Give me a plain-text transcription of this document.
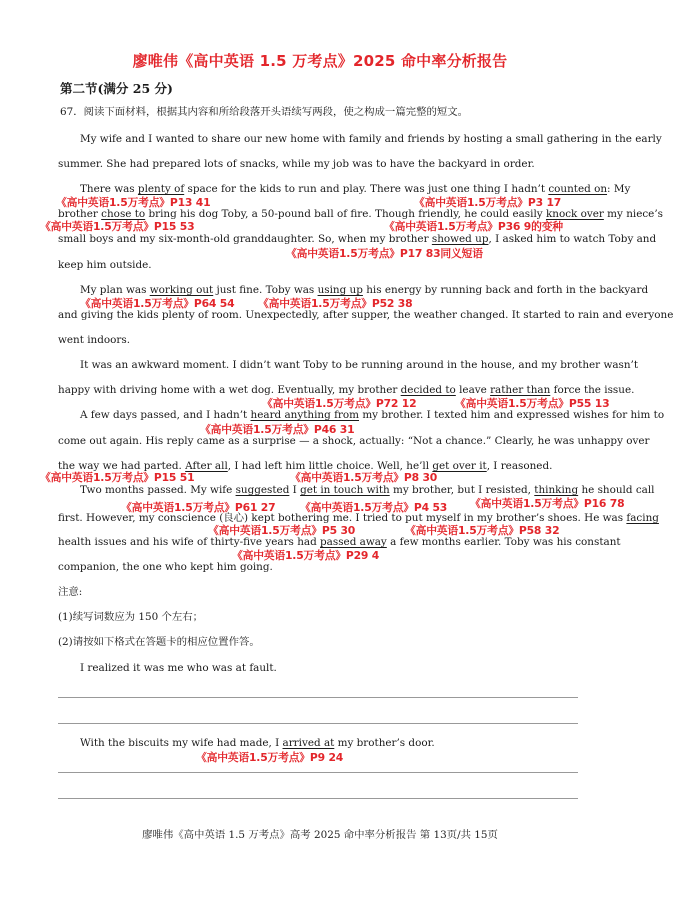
廖唯伟《高中英语 1.5 万考点》2025 命中率分析报告
第二节(满分 25 分)
67．阅读下面材料，根据其内容和所给段落开头语续写两段，使之构成一篇完整的短文。
My wife and I wanted to share our new home with family and friends by hosting a small gathering in the early
summer. She had prepared lots of snacks, while my job was to have the backyard in order.
There was plenty of space for the kids to run and play. There was just one thing I hadn’t counted on: My
《高中英语1.5万考点》P13 41	《高中英语1.5万考点》P3 17
brother chose to bring his dog Toby, a 50-pound ball of fire. Though friendly, he could easily knock over my niece’s
《高中英语1.5万考点》P15 53	《高中英语1.5万考点》P36 9的变种
small boys and my six-month-old granddaughter. So, when my brother showed up, I asked him to watch Toby and
《高中英语1.5万考点》P17 83同义短语
keep him outside.
My plan was working out just fine. Toby was using up his energy by running back and forth in the backyard
《高中英语1.5万考点》P64 54 《高中英语1.5万考点》P52 38
and giving the kids plenty of room. Unexpectedly, after supper, the weather changed. It started to rain and everyone
went indoors.
It was an awkward moment. I didn’t want Toby to be running around in the house, and my brother wasn’t
happy with driving home with a wet dog. Eventually, my brother decided to leave rather than force the issue.
《高中英语1.5万考点》P72 12	《高中英语1.5万考点》P55 13
A few days passed, and I hadn’t heard anything from my brother. I texted him and expressed wishes for him to
《高中英语1.5万考点》P46 31
come out again. His reply came as a surprise — a shock, actually: “Not a chance.” Clearly, he was unhappy over
the way we had parted. After all, I had left him little choice. Well, he’ll get over it, I reasoned.
《高中英语1.5万考点》P15 51	《高中英语1.5万考点》P8 30
Two months passed. My wife suggested I get in touch with my brother, but I resisted, thinking he should call
《高中英语1.5万考点》P16 78
《高中英语1.5万考点》P61 27 《高中英语1.5万考点》P4 53
first. However, my conscience (良心) kept bothering me. I tried to put myself in my brother’s shoes. He was facing
《高中英语1.5万考点》P5 30	《高中英语1.5万考点》P58 32
health issues and his wife of thirty-five years had passed away a few months earlier. Toby was his constant
《高中英语1.5万考点》P29 4
companion, the one who kept him going.
注意:
(1)续写词数应为 150 个左右；
(2)请按如下格式在答题卡的相应位置作答。
I realized it was me who was at fault.
With the biscuits my wife had made, I arrived at my brother’s door.
《高中英语1.5万考点》P9 24
廖唯伟《高中英语 1.5 万考点》高考 2025 命中率分析报告 第 13页/共 15页
